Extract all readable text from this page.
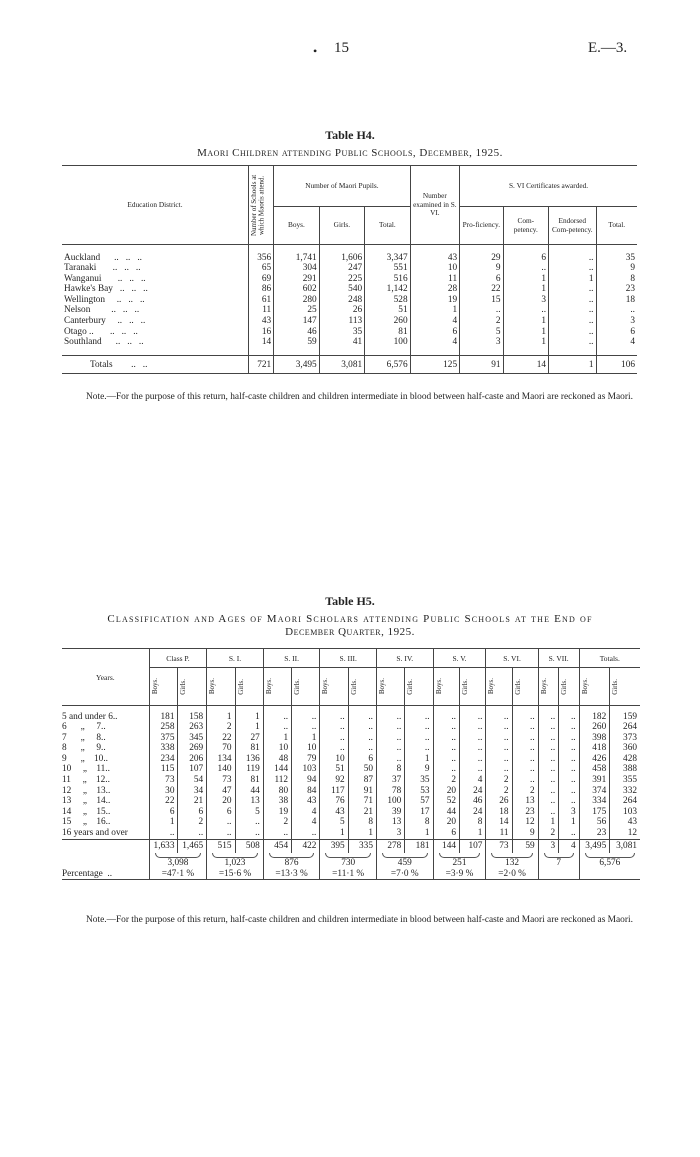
• 15	E.—3.
Table H4.
Maori Children attending Public Schools, December, 1925.
Education District.	Number of Schools at which Maoris attend.	Number of Maori Pupils.			Number examined in S. VI.	S. VI Certificates awarded.			
		Boys.	Girls.	Total.		Pro-ficiency.	Com-petency.	Endorsed Com-petency.	Total.

Auckland      ..   ..   ..	356	1,741	1,606	3,347	43	29	6	..	35
Taranaki       ..   ..   ..	65	304	247	551	10	9	..	..	9
Wanganui       ..   ..   ..	69	291	225	516	11	6	1	1	8
Hawke's Bay   ..   ..   ..	86	602	540	1,142	28	22	1	..	23
Wellington     ..   ..   ..	61	280	248	528	19	15	3	..	18
Nelson         ..   ..   ..	11	25	26	51	1	..	..	..	..
Canterbury     ..   ..   ..	43	147	113	260	4	2	1	..	3
Otago ..       ..   ..   ..	16	46	35	81	6	5	1	..	6
Southland      ..   ..   ..	14	59	41	100	4	3	1	..	4

Totals        ..   ..	721	3,495	3,081	6,576	125	91	14	1	106
Note.—For the purpose of this return, half-caste children and children intermediate in blood between half-caste and Maori are reckoned as Maori.
Table H5.
Classification and Ages of Maori Scholars attending Public Schools at the End of
December Quarter, 1925.
Years.	Class P.		S. I.		S. II.		S. III.		S. IV.		S. V.		S. VI.		S. VII.		Totals.	

	Boys.	Girls.	Boys.	Girls.	Boys.	Girls.	Boys.	Girls.	Boys.	Girls.	Boys.	Girls.	Boys.	Girls.	Boys.	Girls.	Boys.	Girls.

5 and under 6..	181	158	1	1	..	..	..	..	..	..	..	..	..	..	..	..	182	159
6      „     7..	258	263	2	1	..	..	..	..	..	..	..	..	..	..	..	..	260	264
7      „     8..	375	345	22	27	1	1	..	..	..	..	..	..	..	..	..	..	398	373
8      „     9..	338	269	70	81	10	10	..	..	..	..	..	..	..	..	..	..	418	360
9      „    10..	234	206	134	136	48	79	10	6	..	1	..	..	..	..	..	..	426	428
10     „    11..	115	107	140	119	144	103	51	50	8	9	..	..	..	..	..	..	458	388
11     „    12..	73	54	73	81	112	94	92	87	37	35	2	4	2	..	..	..	391	355
12     „    13..	30	34	47	44	80	84	117	91	78	53	20	24	2	2	..	..	374	332
13     „    14..	22	21	20	13	38	43	76	71	100	57	52	46	26	13	..	..	334	264
14     „    15..	6	6	6	5	19	4	43	21	39	17	44	24	18	23	..	3	175	103
15     „    16..	1	2	..	..	2	4	5	8	13	8	20	8	14	12	1	1	56	43
16 years and over	..	..	..	..	..	..	1	1	3	1	6	1	11	9	2	..	23	12
	1,633	1,465	515	508	454	422	395	335	278	181	144	107	73	59	3	4	3,495	3,081

	3,098		1,023		876		730		459		251		132		7		6,576	
Percentage  ..	=47·1 %		=15·6 %		=13·3 %		=11·1 %		=7·0 %		=3·9 %		=2·0 %					
Note.—For the purpose of this return, half-caste children and children intermediate in blood between half-caste and Maori are reckoned as Maori.
